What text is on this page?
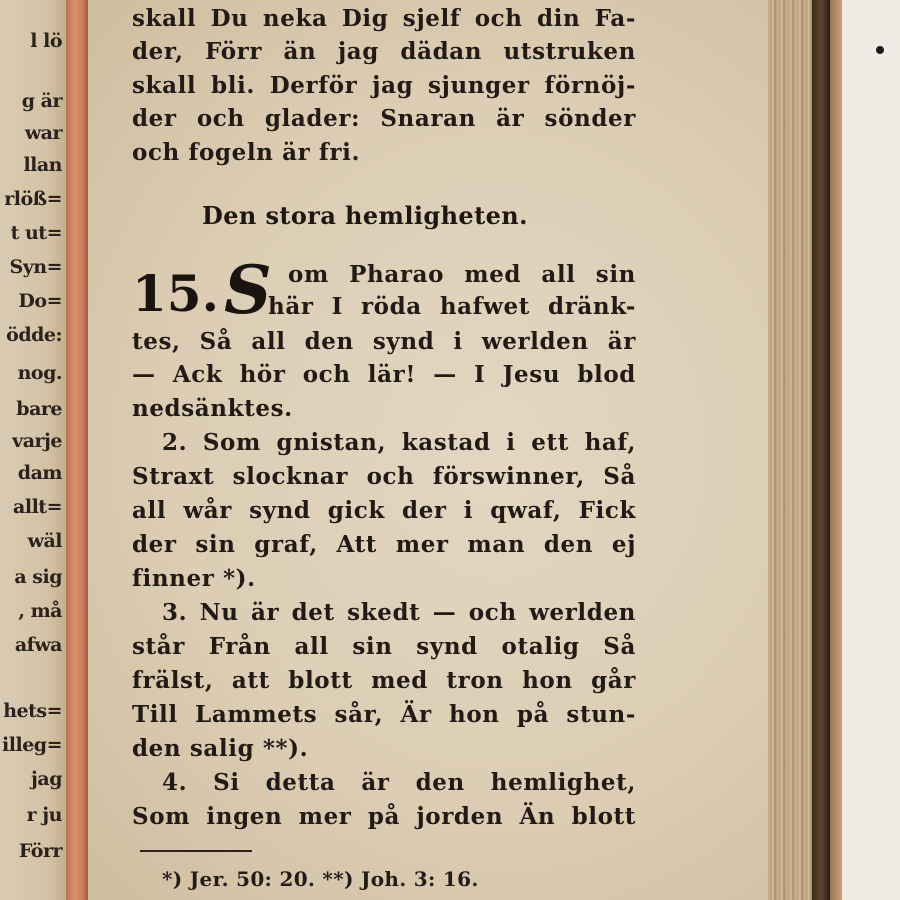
l lö
g är
war
llan
rlöß=
t ut=
Syn=
Do=
ödde:
nog.
bare
varje
dam
allt=
wäl
a sig
, må
afwa
hets=
illeg=
jag
r ju
Förr
skall Du neka Dig sjelf och din Fa-
der, Förr än jag dädan utstruken
skall bli. Derför jag sjunger förnöj-
der och glader: Snaran är sönder
och fogeln är fri.
Den stora hemligheten.
15. S om Pharao med all sin
här I röda hafwet dränk-
tes, Så all den synd i werlden är
— Ack hör och lär! — I Jesu blod
nedsänktes.
2. Som gnistan, kastad i ett haf,
Straxt slocknar och förswinner, Så
all wår synd gick der i qwaf, Fick
der sin graf, Att mer man den ej
finner *).
3. Nu är det skedt — och werlden
står Från all sin synd otalig Så
frälst, att blott med tron hon går
Till Lammets sår, Är hon på stun-
den salig **).
4. Si detta är den hemlighet,
Som ingen mer på jorden Än blott
*) Jer. 50: 20. **) Joh. 3: 16.
